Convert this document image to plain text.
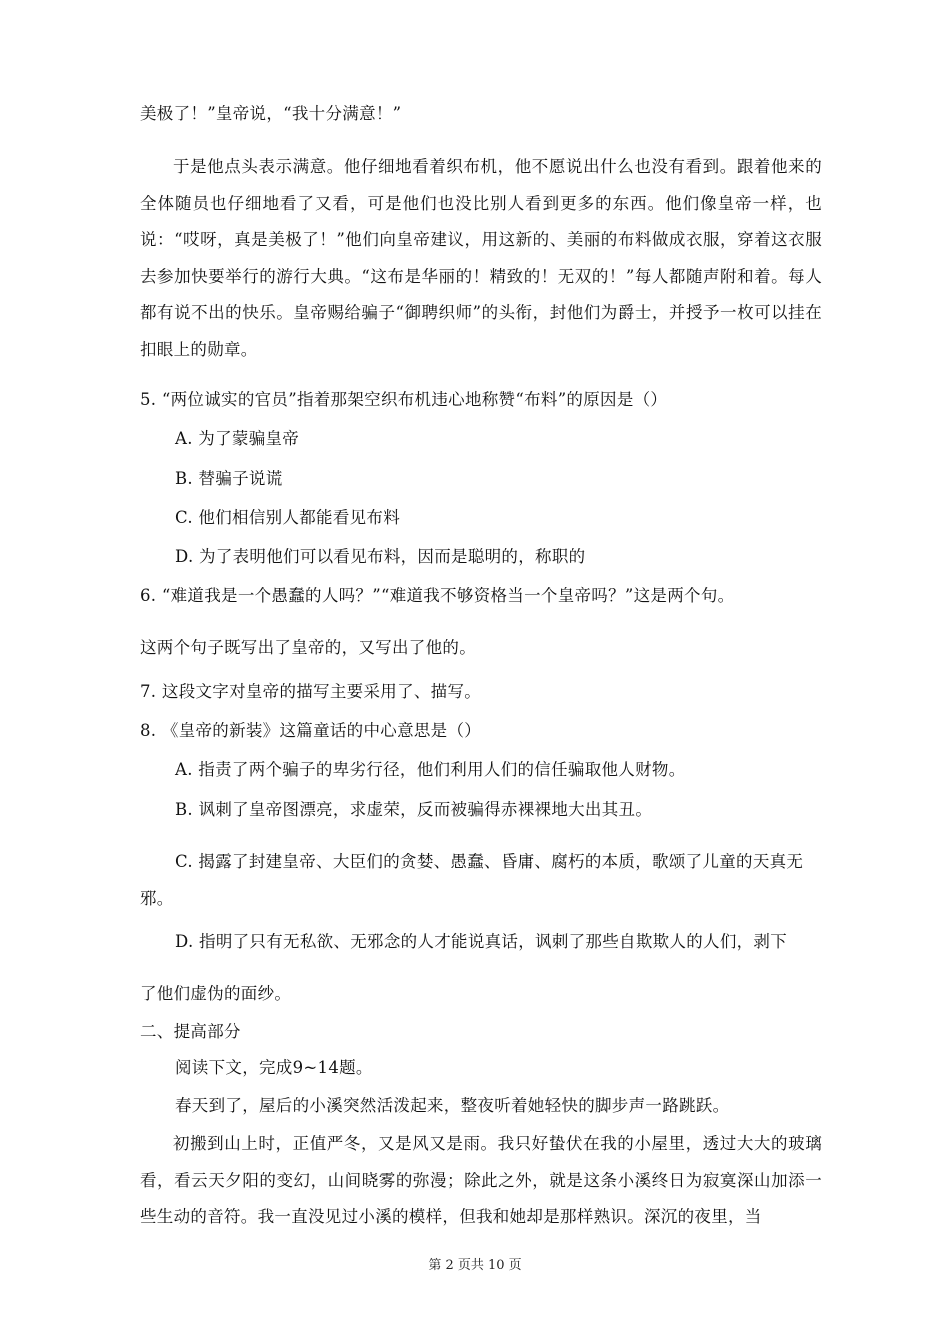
美极了！”皇帝说，“我十分满意！”
于是他点头表示满意。他仔细地看着织布机，他不愿说出什么也没有看到。跟着他来的全体随员也仔细地看了又看，可是他们也没比别人看到更多的东西。他们像皇帝一样，也说：“哎呀，真是美极了！”他们向皇帝建议，用这新的、美丽的布料做成衣服，穿着这衣服去参加快要举行的游行大典。“这布是华丽的！精致的！无双的！”每人都随声附和着。每人都有说不出的快乐。皇帝赐给骗子“御聘织师”的头衔，封他们为爵士，并授予一枚可以挂在扣眼上的勋章。
5. “两位诚实的官员”指着那架空织布机违心地称赞“布料”的原因是（）
A. 为了蒙骗皇帝
B. 替骗子说谎
C. 他们相信别人都能看见布料
D. 为了表明他们可以看见布料，因而是聪明的，称职的
6. “难道我是一个愚蠢的人吗？”“难道我不够资格当一个皇帝吗？”这是两个句。
这两个句子既写出了皇帝的，又写出了他的。
7. 这段文字对皇帝的描写主要采用了、描写。
8. 《皇帝的新装》这篇童话的中心意思是（）
A. 指责了两个骗子的卑劣行径，他们利用人们的信任骗取他人财物。
B. 讽刺了皇帝图漂亮，求虚荣，反而被骗得赤裸裸地大出其丑。
C. 揭露了封建皇帝、大臣们的贪婪、愚蠢、昏庸、腐朽的本质，歌颂了儿童的天真无
邪。
D. 指明了只有无私欲、无邪念的人才能说真话，讽刺了那些自欺欺人的人们，剥下
了他们虚伪的面纱。
二、提高部分
阅读下文，完成9~14题。
春天到了，屋后的小溪突然活泼起来，整夜听着她轻快的脚步声一路跳跃。
初搬到山上时，正值严冬，又是风又是雨。我只好蛰伏在我的小屋里，透过大大的玻璃看，看云天夕阳的变幻，山间晓雾的弥漫；除此之外，就是这条小溪终日为寂寞深山加添一些生动的音符。我一直没见过小溪的模样，但我和她却是那样熟识。深沉的夜里，当
第 2 页共 10 页
